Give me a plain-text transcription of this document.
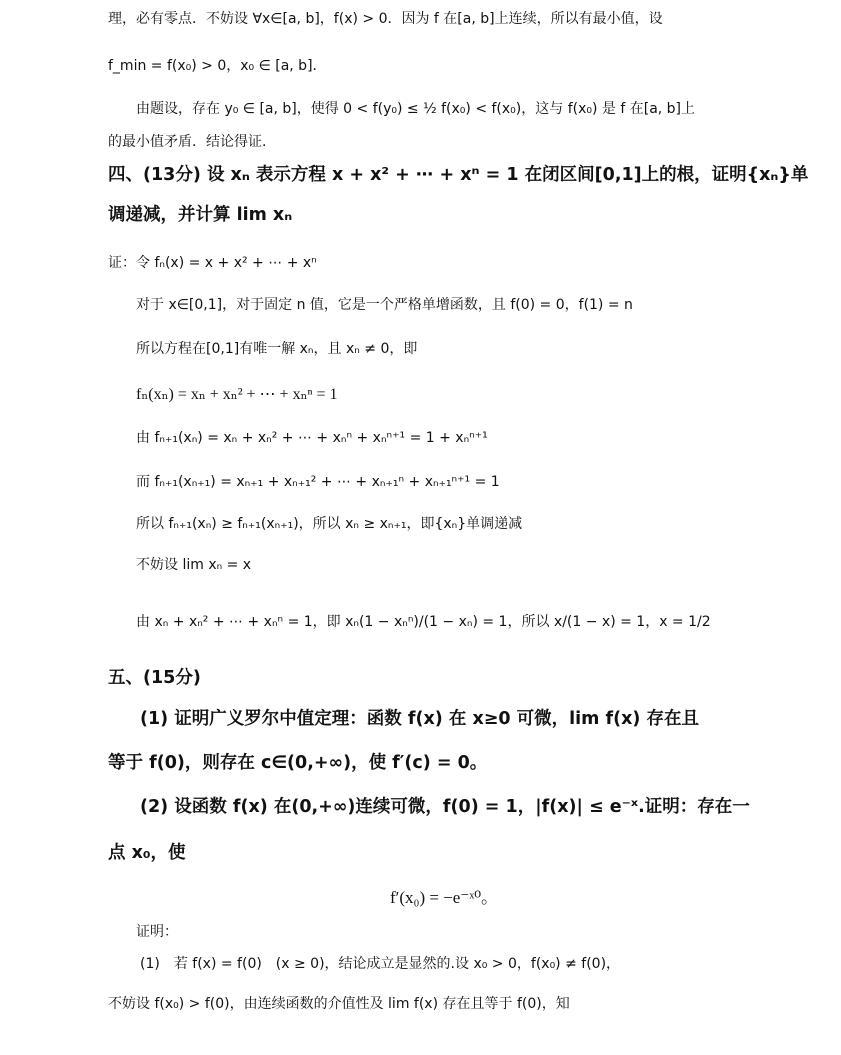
理，必有零点．不妨设 ∀x∈[a, b]，f(x) > 0．因为 f 在[a, b]上连续，所以有最小值，设
f_min = f(x₀) > 0，x₀ ∈ [a, b]．
由题设，存在 y₀ ∈ [a, b]，使得 0 < f(y₀) ≤ ½ f(x₀) < f(x₀)，这与 f(x₀) 是 f 在[a, b]上
的最小值矛盾．结论得证.
四、(13分) 设 xₙ 表示方程 x + x² + ⋯ + xⁿ = 1 在闭区间[0,1]上的根，证明{xₙ}单
调递减，并计算 lim xₙ
证：令 fₙ(x) = x + x² + ⋯ + xⁿ
对于 x∈[0,1]，对于固定 n 值，它是一个严格单增函数，且 f(0) = 0，f(1) = n
所以方程在[0,1]有唯一解 xₙ，且 xₙ ≠ 0，即
fₙ(xₙ) = xₙ + xₙ² + ⋯ + xₙⁿ = 1
由 fₙ₊₁(xₙ) = xₙ + xₙ² + ⋯ + xₙⁿ + xₙⁿ⁺¹ = 1 + xₙⁿ⁺¹
而 fₙ₊₁(xₙ₊₁) = xₙ₊₁ + xₙ₊₁² + ⋯ + xₙ₊₁ⁿ + xₙ₊₁ⁿ⁺¹ = 1
所以 fₙ₊₁(xₙ) ≥ fₙ₊₁(xₙ₊₁)，所以 xₙ ≥ xₙ₊₁，即{xₙ}单调递减
不妨设 lim xₙ = x
由 xₙ + xₙ² + ⋯ + xₙⁿ = 1，即 xₙ(1 − xₙⁿ)/(1 − xₙ) = 1，所以 x/(1 − x) = 1，x = 1/2
五、(15分)
(1) 证明广义罗尔中值定理：函数 f(x) 在 x≥0 可微，lim f(x) 存在且
等于 f(0)，则存在 c∈(0,+∞)，使 f′(c) = 0。
(2) 设函数 f(x) 在(0,+∞)连续可微，f(0) = 1，|f(x)| ≤ e⁻ˣ.证明：存在一
点 x₀，使
f′(x₀) = −e⁻ˣ⁰。
证明：
(1)　若 f(x) = f(0)　(x ≥ 0)，结论成立是显然的.设 x₀ > 0，f(x₀) ≠ f(0)，
不妨设 f(x₀) > f(0)，由连续函数的介值性及 lim f(x) 存在且等于 f(0)，知
